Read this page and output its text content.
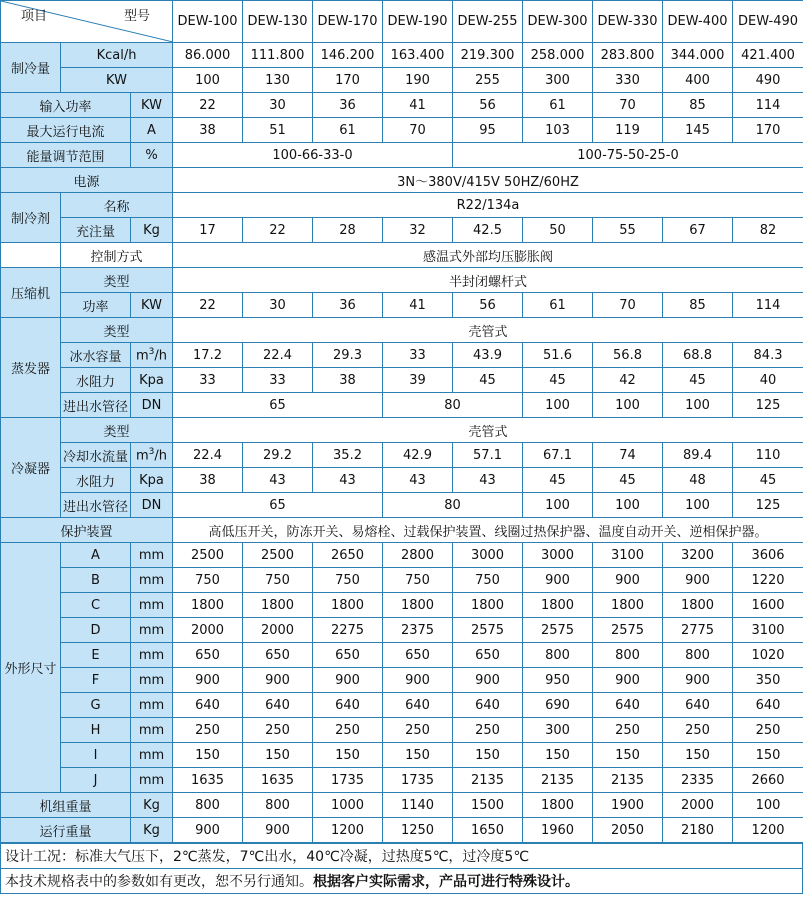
项目 型号			DEW-100	DEW-130	DEW-170	DEW-190	DEW-255	DEW-300	DEW-330	DEW-400	DEW-490
制冷量	Kcal/h		86.000	111.800	146.200	163.400	219.300	258.000	283.800	344.000	421.400
	KW		100	130	170	190	255	300	330	400	490
输入功率		KW	22	30	36	41	56	61	70	85	114
最大运行电流		A	38	51	61	70	95	103	119	145	170
能量调节范围		%	100-66-33-0				100-75-50-25-0				
电源			3N～380V/415V 50HZ/60HZ								
制冷剂	名称		R22/134a								
	充注量	Kg	17	22	28	32	42.5	50	55	67	82
	控制方式		感温式外部均压膨胀阀								
压缩机	类型		半封闭螺杆式								
	功率	KW	22	30	36	41	56	61	70	85	114
蒸发器	类型		壳管式								
	冰水容量	$m^3/h$	17.2	22.4	29.3	33	43.9	51.6	56.8	68.8	84.3
	水阻力	Kpa	33	33	38	39	45	45	42	45	40
	进出水管径	DN	65			80		100	100	100	125
冷凝器	类型		壳管式								
	冷却水流量	$m^3/h$	22.4	29.2	35.2	42.9	57.1	67.1	74	89.4	110
	水阻力	Kpa	38	43	43	43	43	45	45	48	45
	进出水管径	DN	65			80		100	100	100	125
保护装置			高低压开关，防冻开关、易熔栓、过载保护装置、线圈过热保护器、温度自动开关、逆相保护器。								
外形尺寸	A	mm	2500	2500	2650	2800	3000	3000	3100	3200	3606
	B	mm	750	750	750	750	750	900	900	900	1220
	C	mm	1800	1800	1800	1800	1800	1800	1800	1800	1600
	D	mm	2000	2000	2275	2375	2575	2575	2575	2775	3100
	E	mm	650	650	650	650	650	800	800	800	1020
	F	mm	900	900	900	900	900	950	900	900	350
	G	mm	640	640	640	640	640	690	640	640	640
	H	mm	250	250	250	250	250	300	250	250	250
	I	mm	150	150	150	150	150	150	150	150	150
	J	mm	1635	1635	1735	1735	2135	2135	2135	2335	2660
机组重量		Kg	800	800	1000	1140	1500	1800	1900	2000	100
运行重量		Kg	900	900	1200	1250	1650	1960	2050	2180	1200
设计工况：标准大气压下，2℃蒸发，7℃出水，40℃冷凝，过热度5℃，过冷度5℃
本技术规格表中的参数如有更改，恕不另行通知。根据客户实际需求，产品可进行特殊设计。
